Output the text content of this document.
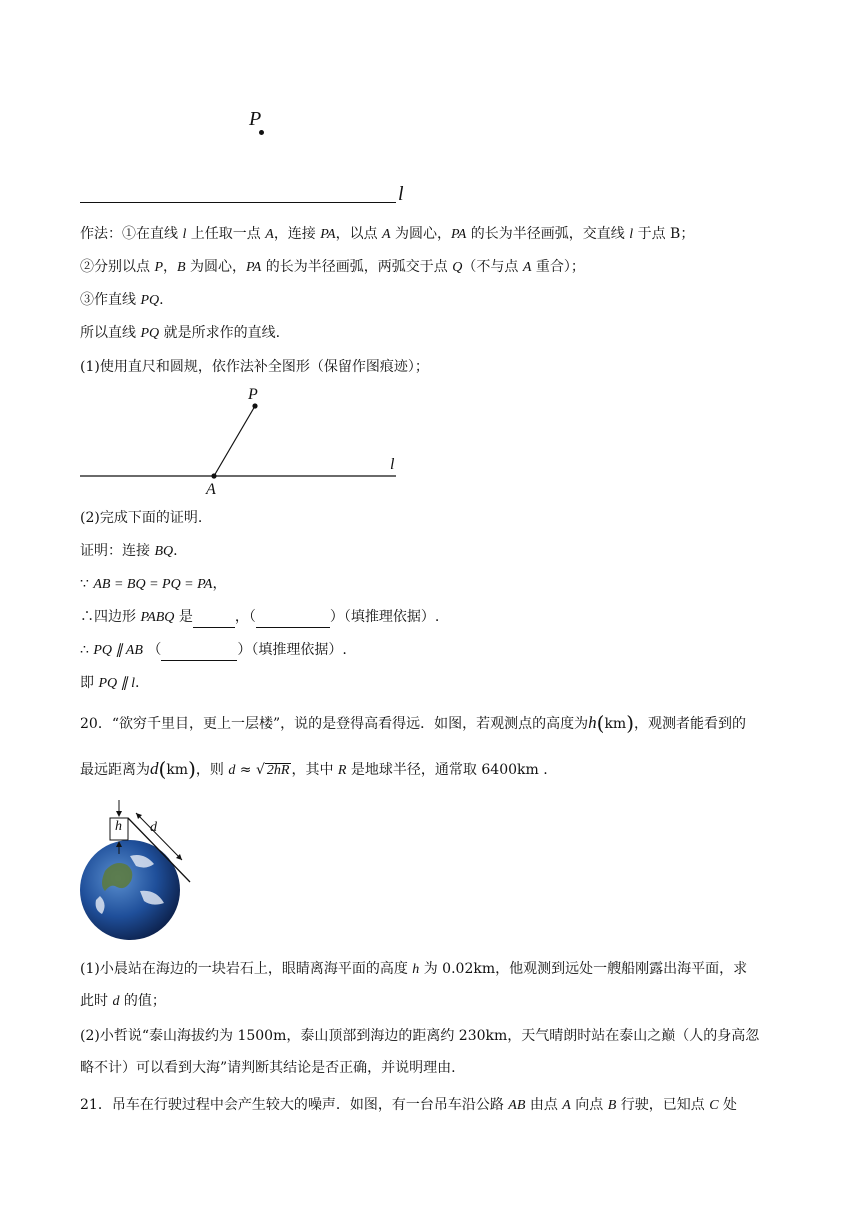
P
l
作法：①在直线 l 上任取一点 A，连接 PA，以点 A 为圆心，PA 的长为半径画弧，交直线 l 于点 B；
②分别以点 P，B 为圆心，PA 的长为半径画弧，两弧交于点 Q（不与点 A 重合）；
③作直线 PQ.
所以直线 PQ 就是所求作的直线.
(1)使用直尺和圆规，依作法补全图形（保留作图痕迹）；
P
l
A
(2)完成下面的证明.
证明：连接 BQ.
∵ AB = BQ = PQ = PA，
∴四边形 PABQ 是	，（	）（填推理依据）.
∴ PQ ∥ AB （	）（填推理依据）.
即 PQ ∥ l.
20．“欲穷千里目，更上一层楼”，说的是登得高看得远．如图，若观测点的高度为h(km)，观测者能看到的
最远距离为d(km)，则 d ≈ √ 2hR ，其中 R 是地球半径，通常取 6400km .
h d
(1)小晨站在海边的一块岩石上，眼睛离海平面的高度 h 为 0.02km，他观测到远处一艘船刚露出海平面，求
此时 d 的值；
(2)小哲说“泰山海拔约为 1500m，泰山顶部到海边的距离约 230km，天气晴朗时站在泰山之巅（人的身高忽
略不计）可以看到大海”请判断其结论是否正确，并说明理由.
21．吊车在行驶过程中会产生较大的噪声．如图，有一台吊车沿公路 AB 由点 A 向点 B 行驶，已知点 C 处
